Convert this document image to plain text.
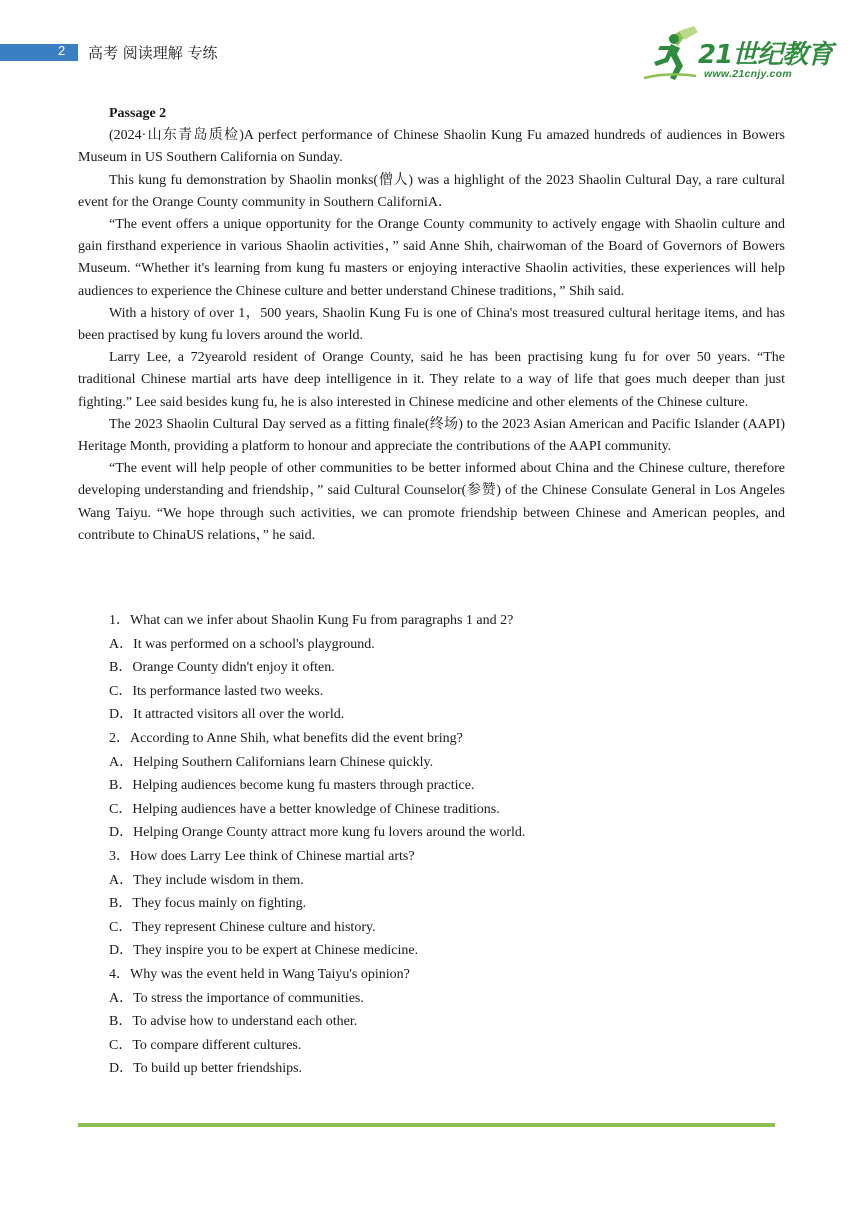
2 高考 阅读理解 专练	21世纪教育
www.21cnjy.com

Passage 2

(2024·山东青岛质检)A perfect performance of Chinese Shaolin Kung Fu amazed hundreds of audiences in Bowers Museum in US Southern California on Sunday.

This kung fu demonstration by Shaolin monks(僧人) was a highlight of the 2023 Shaolin Cultural Day, a rare cultural event for the Orange County community in Southern CaliforniA．

“The event offers a unique opportunity for the Orange County community to actively engage with Shaolin culture and gain firsthand experience in various Shaolin activities，” said Anne Shih, chairwoman of the Board of Governors of Bowers Museum. “Whether it's learning from kung fu masters or enjoying interactive Shaolin activities, these experiences will help audiences to experience the Chinese culture and better understand Chinese traditions，” Shih said.

With a history of over 1，500 years, Shaolin Kung Fu is one of China's most treasured cultural heritage items, and has been practised by kung fu lovers around the world.

Larry Lee, a 72yearold resident of Orange County, said he has been practising kung fu for over 50 years. “The traditional Chinese martial arts have deep intelligence in it. They relate to a way of life that goes much deeper than just fighting.” Lee said besides kung fu, he is also interested in Chinese medicine and other elements of the Chinese culture.

The 2023 Shaolin Cultural Day served as a fitting finale(终场) to the 2023 Asian American and Pacific Islander (AAPI) Heritage Month, providing a platform to honour and appreciate the contributions of the AAPI community.

“The event will help people of other communities to be better informed about China and the Chinese culture, therefore developing understanding and friendship，” said Cultural Counselor(参赞) of the Chinese Consulate General in Los Angeles Wang Taiyu. “We hope through such activities, we can promote friendship between Chinese and American peoples, and contribute to ChinaUS relations，” he said.

1．What can we infer about Shaolin Kung Fu from paragraphs 1 and 2?
A．It was performed on a school's playground.
B．Orange County didn't enjoy it often.
C．Its performance lasted two weeks.
D．It attracted visitors all over the world.
2．According to Anne Shih, what benefits did the event bring?
A．Helping Southern Californians learn Chinese quickly.
B．Helping audiences become kung fu masters through practice.
C．Helping audiences have a better knowledge of Chinese traditions.
D．Helping Orange County attract more kung fu lovers around the world.
3．How does Larry Lee think of Chinese martial arts?
A．They include wisdom in them.
B．They focus mainly on fighting.
C．They represent Chinese culture and history.
D．They inspire you to be expert at Chinese medicine.
4．Why was the event held in Wang Taiyu's opinion?
A．To stress the importance of communities.
B．To advise how to understand each other.
C．To compare different cultures.
D．To build up better friendships.
